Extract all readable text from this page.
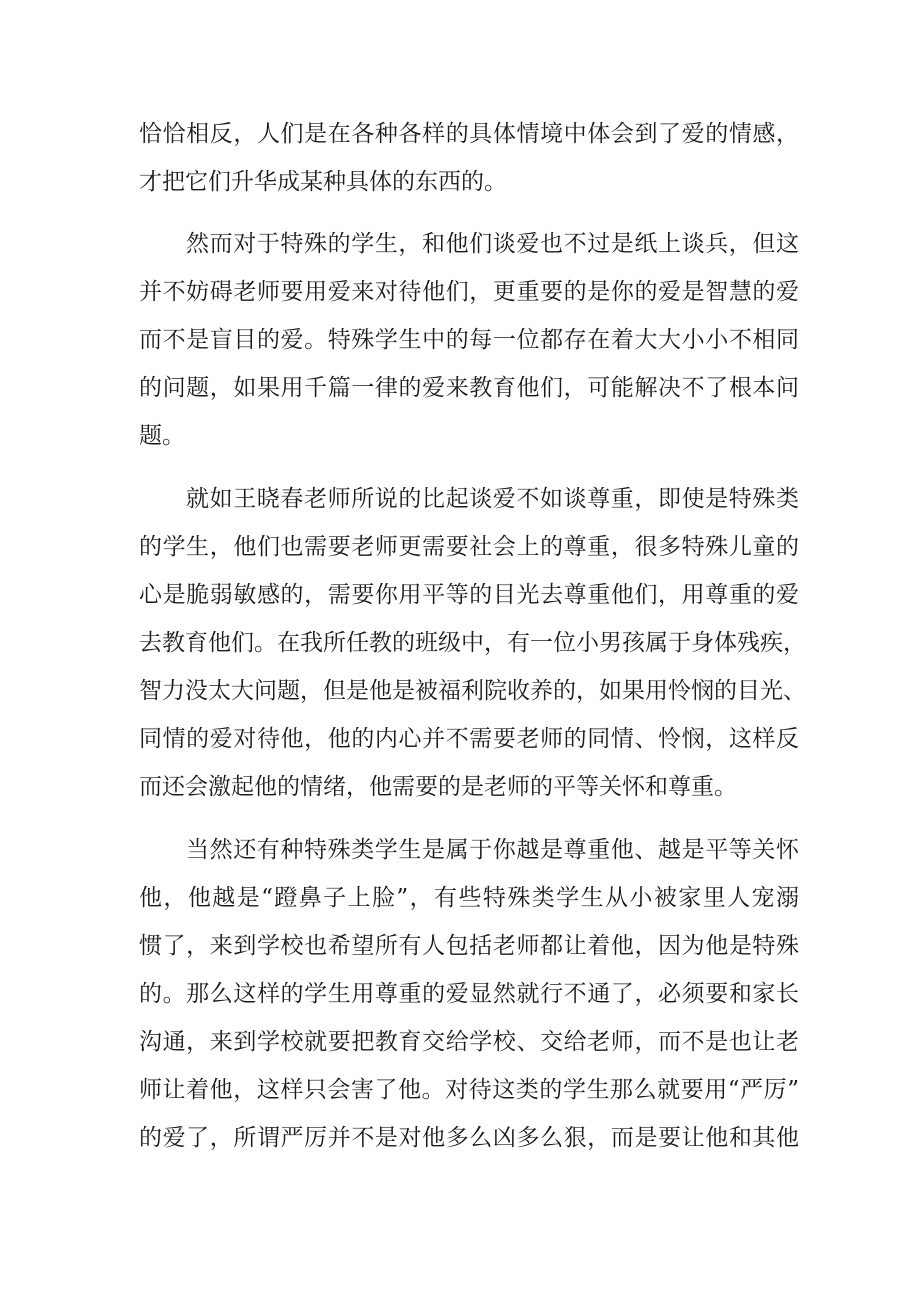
恰恰相反，人们是在各种各样的具体情境中体会到了爱的情感，
才把它们升华成某种具体的东西的。
然而对于特殊的学生，和他们谈爱也不过是纸上谈兵，但这
并不妨碍老师要用爱来对待他们，更重要的是你的爱是智慧的爱
而不是盲目的爱。特殊学生中的每一位都存在着大大小小不相同
的问题，如果用千篇一律的爱来教育他们，可能解决不了根本问
题。
就如王晓春老师所说的比起谈爱不如谈尊重，即使是特殊类
的学生，他们也需要老师更需要社会上的尊重，很多特殊儿童的
心是脆弱敏感的，需要你用平等的目光去尊重他们，用尊重的爱
去教育他们。在我所任教的班级中，有一位小男孩属于身体残疾，
智力没太大问题，但是他是被福利院收养的，如果用怜悯的目光、
同情的爱对待他，他的内心并不需要老师的同情、怜悯，这样反
而还会激起他的情绪，他需要的是老师的平等关怀和尊重。
当然还有种特殊类学生是属于你越是尊重他、越是平等关怀
他，他越是“蹬鼻子上脸”，有些特殊类学生从小被家里人宠溺
惯了，来到学校也希望所有人包括老师都让着他，因为他是特殊
的。那么这样的学生用尊重的爱显然就行不通了，必须要和家长
沟通，来到学校就要把教育交给学校、交给老师，而不是也让老
师让着他，这样只会害了他。对待这类的学生那么就要用“严厉”
的爱了，所谓严厉并不是对他多么凶多么狠，而是要让他和其他
